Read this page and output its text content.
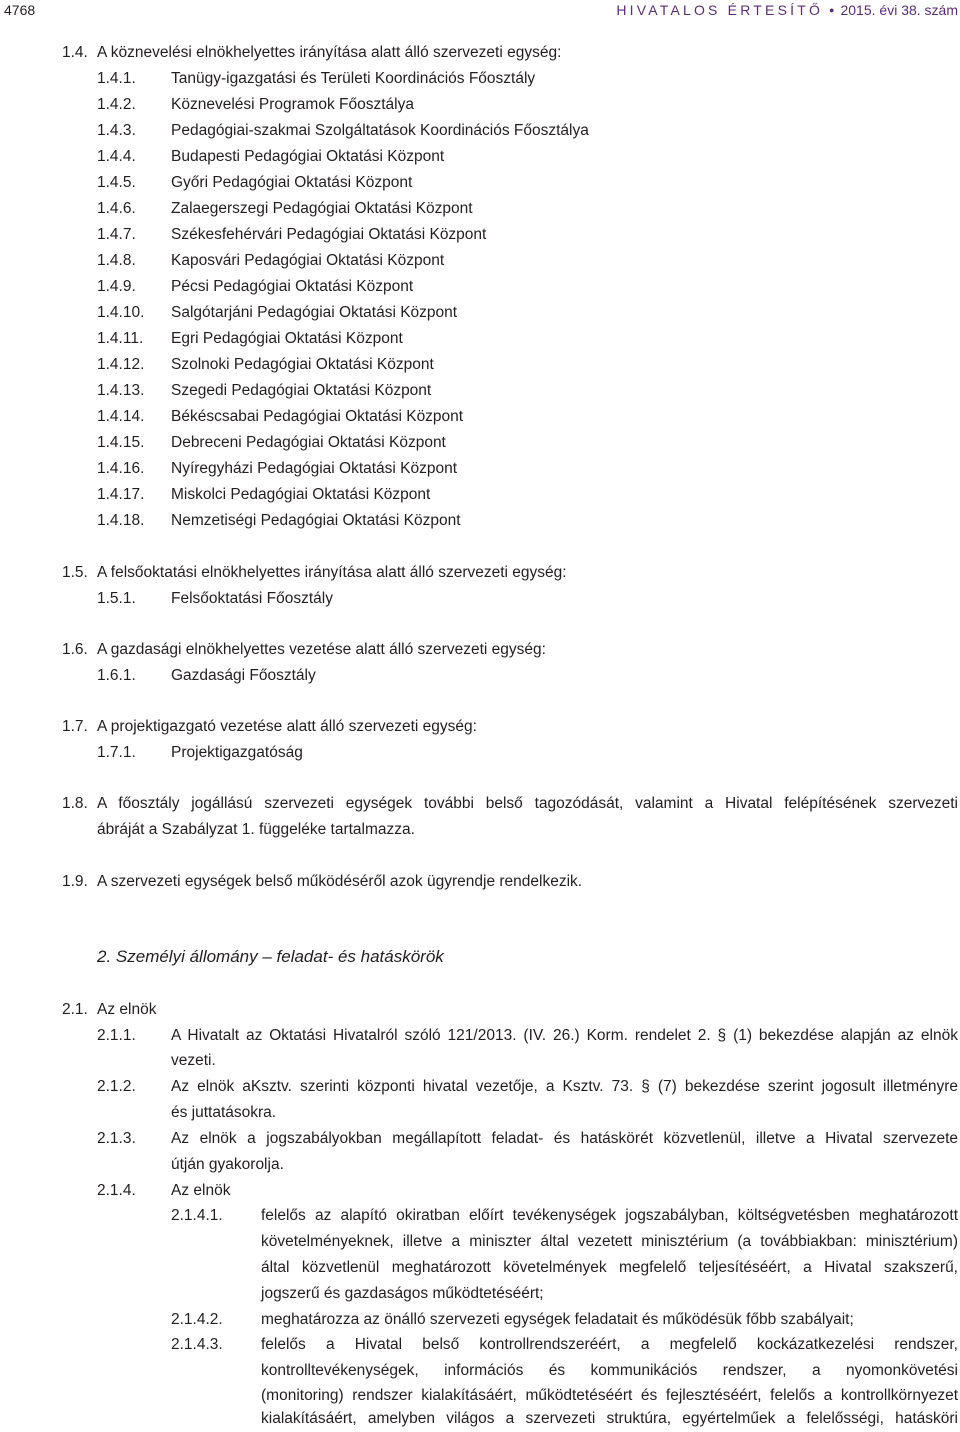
4768	HIVATALOS ÉRTESÍTŐ ● 2015. évi 38. szám
1.4. A köznevelési elnökhelyettes irányítása alatt álló szervezeti egység:
1.4.1. Tanügy-igazgatási és Területi Koordinációs Főosztály
1.4.2. Köznevelési Programok Főosztálya
1.4.3. Pedagógiai-szakmai Szolgáltatások Koordinációs Főosztálya
1.4.4. Budapesti Pedagógiai Oktatási Központ
1.4.5. Győri Pedagógiai Oktatási Központ
1.4.6. Zalaegerszegi Pedagógiai Oktatási Központ
1.4.7. Székesfehérvári Pedagógiai Oktatási Központ
1.4.8. Kaposvári Pedagógiai Oktatási Központ
1.4.9. Pécsi Pedagógiai Oktatási Központ
1.4.10. Salgótarjáni Pedagógiai Oktatási Központ
1.4.11. Egri Pedagógiai Oktatási Központ
1.4.12. Szolnoki Pedagógiai Oktatási Központ
1.4.13. Szegedi Pedagógiai Oktatási Központ
1.4.14. Békéscsabai Pedagógiai Oktatási Központ
1.4.15. Debreceni Pedagógiai Oktatási Központ
1.4.16. Nyíregyházi Pedagógiai Oktatási Központ
1.4.17. Miskolci Pedagógiai Oktatási Központ
1.4.18. Nemzetiségi Pedagógiai Oktatási Központ
1.5. A felsőoktatási elnökhelyettes irányítása alatt álló szervezeti egység:
1.5.1. Felsőoktatási Főosztály
1.6. A gazdasági elnökhelyettes vezetése alatt álló szervezeti egység:
1.6.1. Gazdasági Főosztály
1.7. A projektigazgató vezetése alatt álló szervezeti egység:
1.7.1. Projektigazgatóság
1.8. A főosztály jogállású szervezeti egységek további belső tagozódását, valamint a Hivatal felépítésének szervezeti
ábráját a Szabályzat 1. függeléke tartalmazza.
1.9. A szervezeti egységek belső működéséről azok ügyrendje rendelkezik.
2. Személyi állomány – feladat- és hatáskörök
2.1. Az elnök
2.1.1. A Hivatalt az Oktatási Hivatalról szóló 121/2013. (IV. 26.) Korm. rendelet 2. § (1) bekezdése alapján az elnök
vezeti.
2.1.2. Az elnök aKsztv. szerinti központi hivatal vezetője, a Ksztv. 73. § (7) bekezdése szerint jogosult illetményre
és juttatásokra.
2.1.3. Az elnök a jogszabályokban megállapított feladat- és hatáskörét közvetlenül, illetve a Hivatal szervezete
útján gyakorolja.
2.1.4. Az elnök
2.1.4.1. felelős az alapító okiratban előírt tevékenységek jogszabályban, költségvetésben meghatározott
követelményeknek, illetve a miniszter által vezetett minisztérium (a továbbiakban: minisztérium)
által közvetlenül meghatározott követelmények megfelelő teljesítéséért, a Hivatal szakszerű,
jogszerű és gazdaságos működtetéséért;
2.1.4.2. meghatározza az önálló szervezeti egységek feladatait és működésük főbb szabályait;
2.1.4.3. felelős a Hivatal belső kontrollrendszeréért, a megfelelő kockázatkezelési rendszer,
kontrolltevékenységek, információs és kommunikációs rendszer, a nyomonkövetési
(monitoring) rendszer kialakításáért, működtetéséért és fejlesztéséért, felelős a kontrollkörnyezet
kialakításáért, amelyben világos a szervezeti struktúra, egyértelműek a felelősségi, hatásköri
